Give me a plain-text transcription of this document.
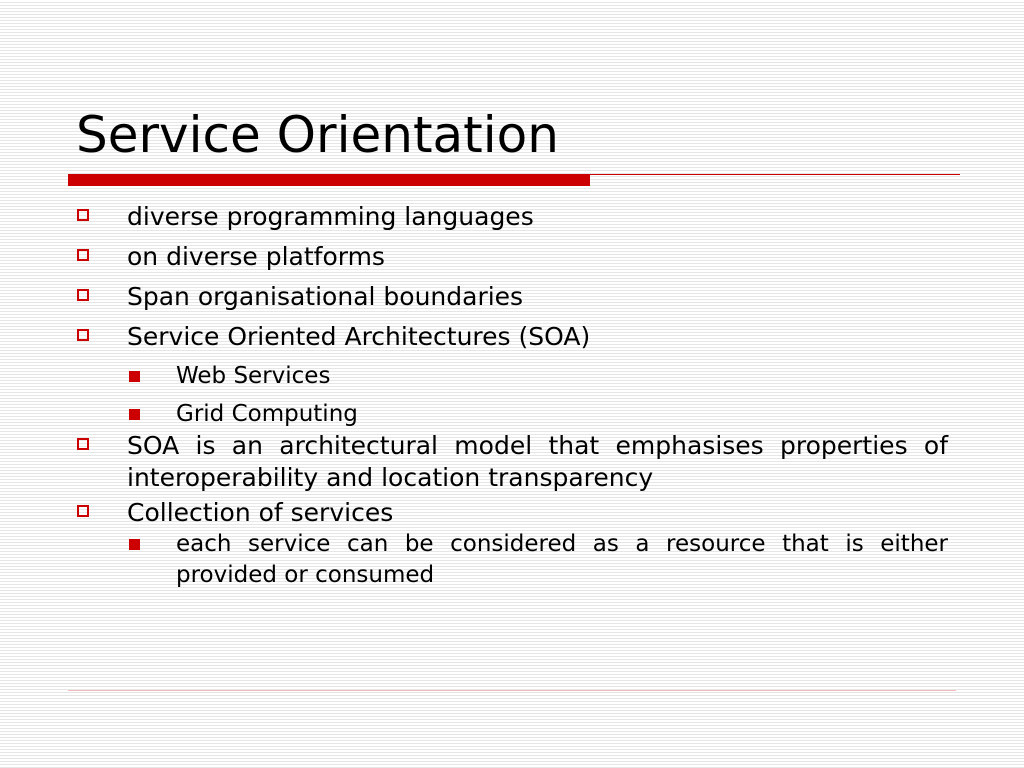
Service Orientation
diverse programming languages
on diverse platforms
Span organisational boundaries
Service Oriented Architectures (SOA)
Web Services
Grid Computing
SOA is an architectural model that emphasises properties of interoperability and location transparency
Collection of services
each service can be considered as a resource that is either provided or consumed
